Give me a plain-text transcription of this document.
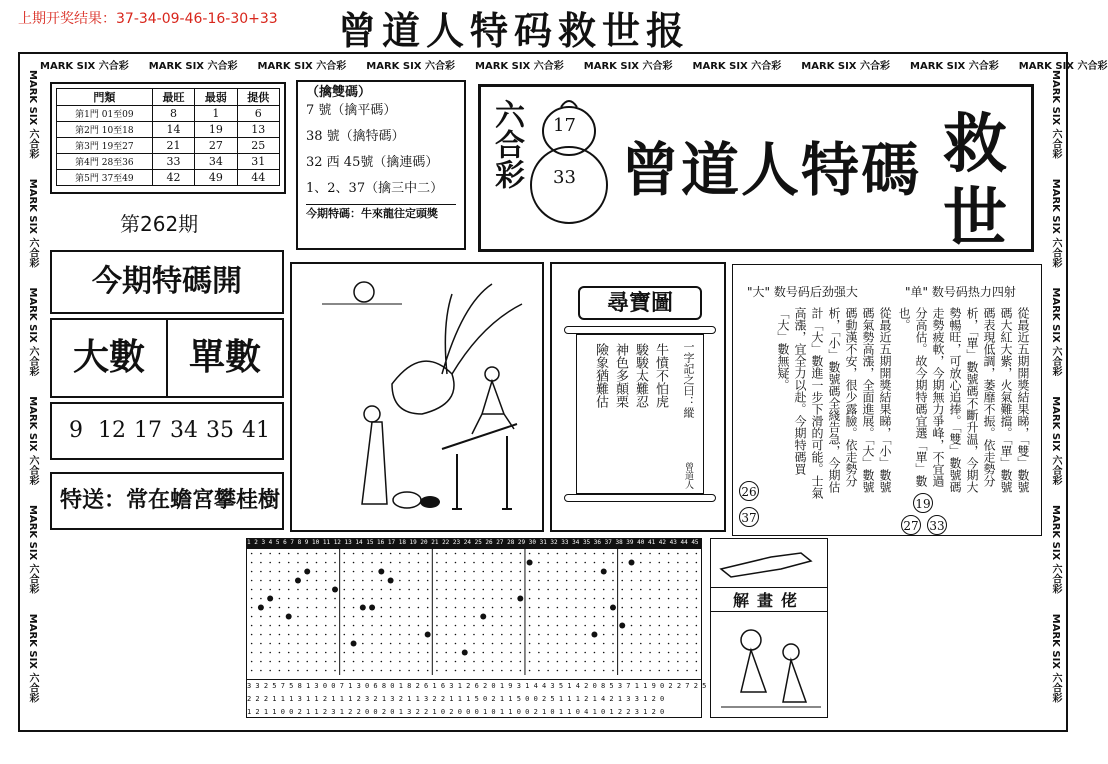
上期开奖结果：37-34-09-46-16-30+33 曾道人特码救世报
MARK SIX 六合彩　　 MARK SIX 六合彩　　 MARK SIX 六合彩　　 MARK SIX 六合彩　　 MARK SIX 六合彩　　 MARK SIX 六合彩　　 MARK SIX 六合彩　　 MARK SIX 六合彩　　 MARK SIX 六合彩　　 MARK SIX 六合彩
MARK SIX 六合彩　　MARK SIX 六合彩　　MARK SIX 六合彩　　MARK SIX 六合彩　　MARK SIX 六合彩　　MARK SIX 六合彩
MARK SIX 六合彩　　MARK SIX 六合彩　　MARK SIX 六合彩　　MARK SIX 六合彩　　MARK SIX 六合彩　　MARK SIX 六合彩
門類	最旺	最弱	提供
第1門 01至09	8	1	6
第2門 10至18	14	19	13
第3門 19至27	21	27	25
第4門 28至36	33	34	31
第5門 37至49	42	49	44
第262期
（擒雙碼）
7 號（擒平碼）
38 號（擒特碼）
32 ⻄ 45號（擒連碼）
1、2、37（擒三中二）
今期特碼：牛來龍往定頭獎
六合彩 17
33 曾道人特碼 救
世
今期特碼開
大數	單數
9 12 17 34 35 41
特送：常在蟾宮攀桂樹
尋寶圖
一字記之曰：縱
牛憤不怕虎
駿駿太難忍
神色多顛栗
險象猶難估
曾道人
"大" 数号码后劲强大	"单" 数号码热力四射
從最近五期開獎結果睇，「小」數號碼氣勢高漲，全面進展。「大」數號碼動漢不安，很少露臉。依走勢分析，「小」數號碼全綫告急，今期估計「大」數進一步下滑的可能。士氣高漲，宜全力以赴。今期特碼買「大」數無疑。	從最近五期開獎結果睇，「雙」數號碼大紅大紫，火氣難擋。「單」數號碼表現低調，萎靡不振。依走勢分析，「單」數號碼不斷升温，今期大勢暢旺，可放心追捧。「雙」數號碼走勢疲軟，今期無力爭峰，不宜過分高估。故今期特碼宜選「單」數也。
26
37
19
27 33
1 2 3 4 5 6 7 8 9 10 11 12 13 14 15 16 17 18 19 20 21 22 23 24 25 26 27 28 29 30 31 32 33 34 35 36 37 38 39 40 41 42 43 44 45 46 47 48 49
3 3 2 5 7 5 8 1 3 0 0 7 1 3 0 6 8 0 1 8 2 6 1 6 3 1 2 6 2 0 1 9 3 1 4 4 3 5 1 4 2 0 8 5 3 7 1 1 9 0 2 2 7 2 5
2 2 2 1 1 1 3 1 1 2 1 1 1 2 3 2 1 3 2 1 1 3 2 2 1 1 1 5 0 2 1 1 5 0 0 2 5 1 1 1 2 1 4 2 1 3 3 1 2 0
1 2 1 1 0 0 2 1 1 2 3 1 2 2 0 0 2 0 1 3 2 2 1 0 2 0 0 0 1 0 1 1 0 0 2 1 0 1 1 0 4 1 0 1 2 2 3 1 2 0
解畫佬
